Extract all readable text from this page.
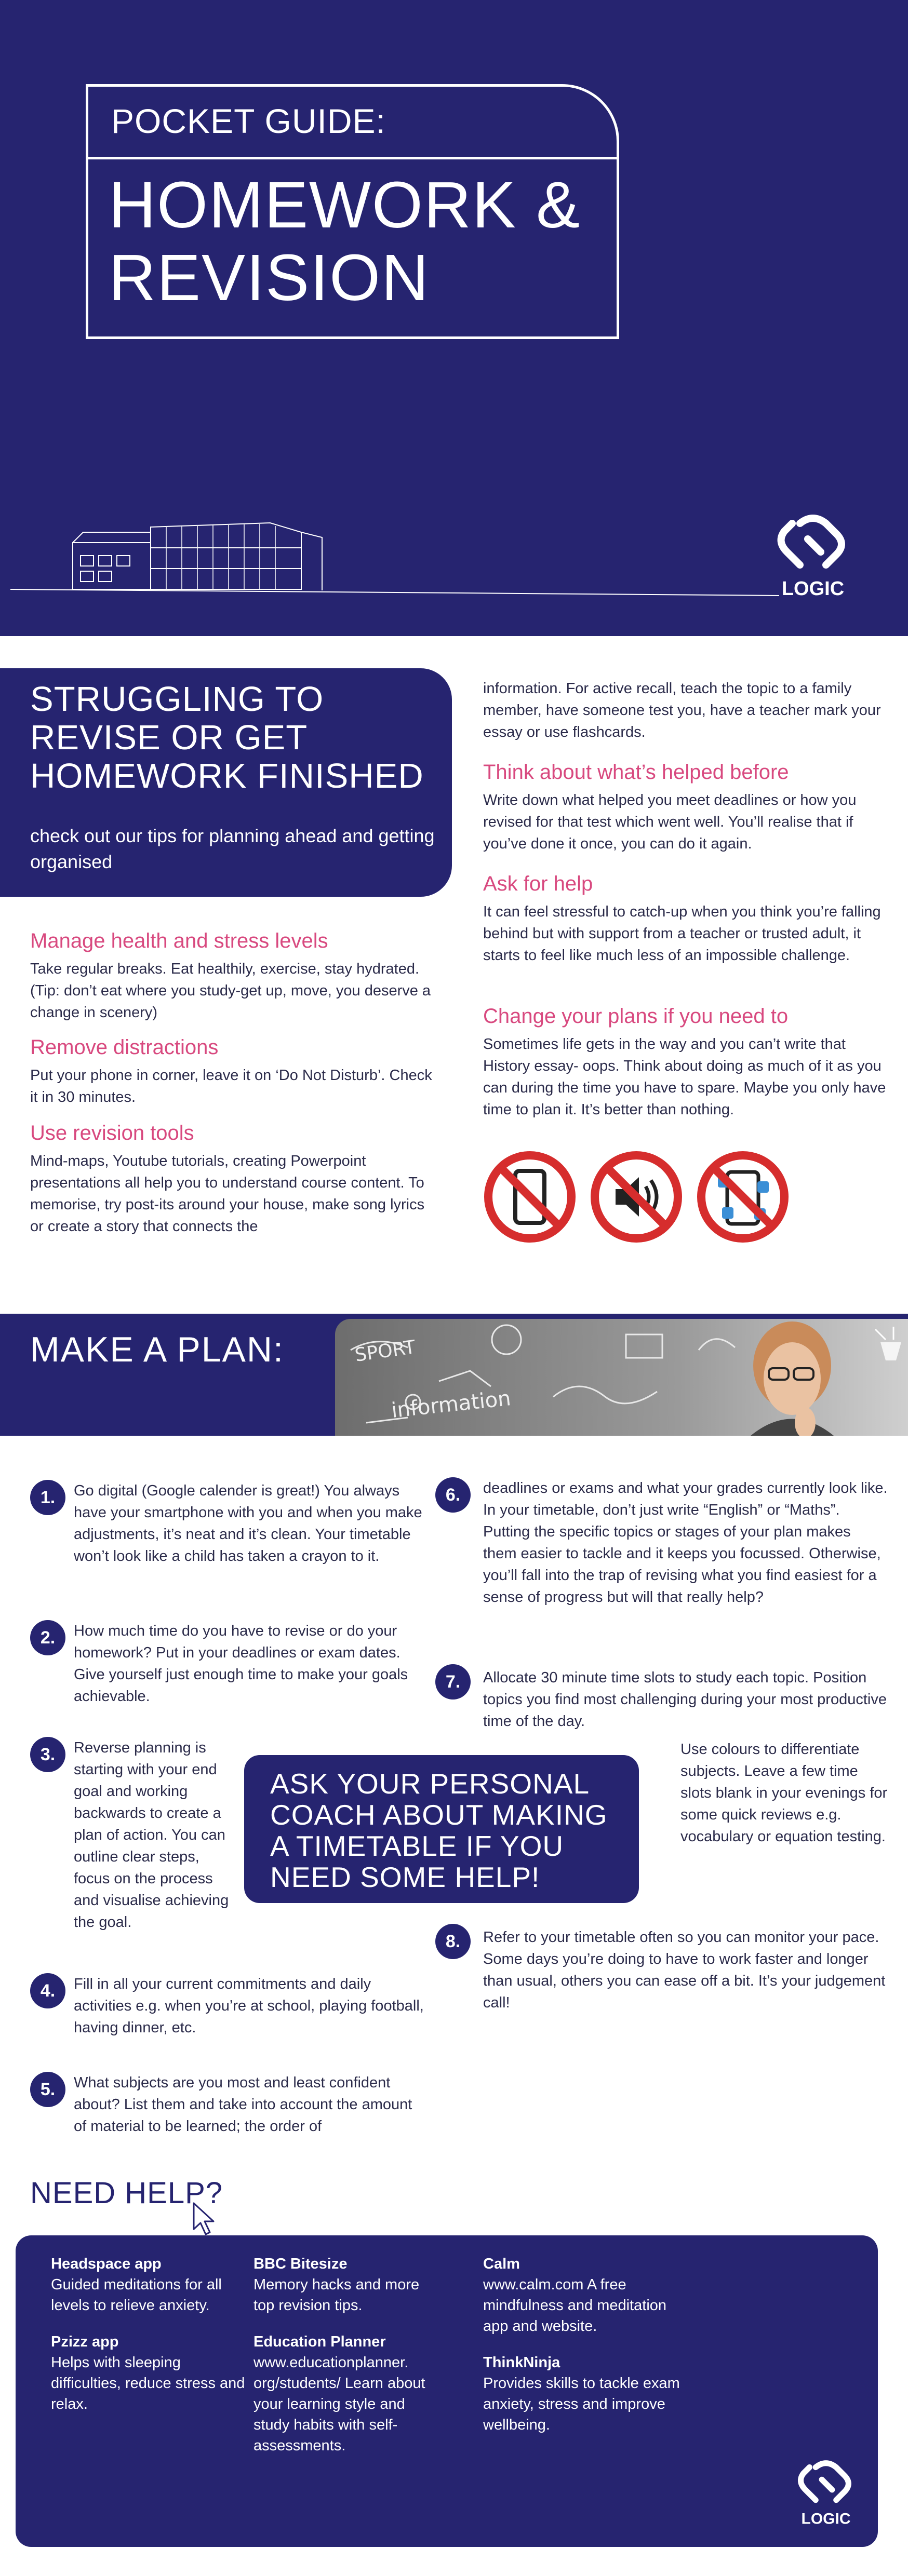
POCKET GUIDE:
HOMEWORK &
REVISION
LOGIC
STRUGGLING TO REVISE OR GET HOMEWORK FINISHED
check out our tips for planning ahead and getting organised
Manage health and stress levels

Take regular breaks. Eat healthily, exercise, stay hydrated. (Tip: don’t eat where you study-get up, move, you deserve a change in scenery)

Remove distractions

Put your phone in corner, leave it on ‘Do Not Disturb’. Check it in 30 minutes.

Use revision tools

Mind-maps, Youtube tutorials, creating Powerpoint presentations all help you to understand course content. To memorise, try post-its around your house, make song lyrics or create a story that connects the

information. For active recall, teach the topic to a family member, have someone test you, have a teacher mark your essay or use flashcards.
Think about what’s helped before

Write down what helped you meet deadlines or how you revised for that test which went well. You’ll realise that if you’ve done it once, you can do it again.

Ask for help

It can feel stressful to catch-up when you think you’re falling behind but with support from a teacher or trusted adult, it starts to feel like much less of an impossible challenge.

Change your plans if you need to

Sometimes life gets in the way and you can’t write that History essay- oops. Think about doing as much of it as you can during the time you have to spare. Maybe you only have time to plan it. It’s better than nothing.

MAKE A PLAN:	SPORT
information
1.	Go digital (Google calender is great!) You always have your smartphone with you and when you make adjustments, it’s neat and it’s clean. Your timetable won’t look like a child has taken a crayon to it.
2.	How much time do you have to revise or do your homework? Put in your deadlines or exam dates. Give yourself just enough time to make your goals achievable.
3.	Reverse planning is starting with your end goal and working backwards to create a plan of action. You can outline clear steps, focus on the process and visualise achieving the goal.
4.	Fill in all your current commitments and daily activities e.g. when you’re at school, playing football, having dinner, etc.
5.	What subjects are you most and least confident about? List them and take into account the amount of material to be learned; the order of
6.	deadlines or exams and what your grades currently look like. In your timetable, don’t just write “English” or “Maths”. Putting the specific topics or stages of your plan makes them easier to tackle and it keeps you focussed. Otherwise, you’ll fall into the trap of revising what you find easiest for a sense of progress but will that really help?
7.	Allocate 30 minute time slots to study each topic. Position topics you find most challenging during your most productive time of the day.
Use colours to differentiate subjects. Leave a few time slots blank in your evenings for some quick reviews e.g. vocabulary or equation testing.
ASK YOUR PERSONAL COACH ABOUT MAKING A TIMETABLE IF YOU NEED SOME HELP!
8.	Refer to your timetable often so you can monitor your pace. Some days you’re doing to have to work faster and longer than usual, others you can ease off a bit. It’s your judgement call!
NEED HELP?

Headspace app
Guided meditations for all levels to relieve anxiety.

Pzizz app
Helps with sleeping difficulties, reduce stress and relax.

BBC Bitesize
Memory hacks and more top revision tips.

Education Planner
www.educationplanner. org/students/ Learn about your learning style and study habits with self-assessments.

Calm
www.calm.com A free mindfulness and meditation app and website.

ThinkNinja
Provides skills to tackle exam anxiety, stress and improve wellbeing.

LOGIC
